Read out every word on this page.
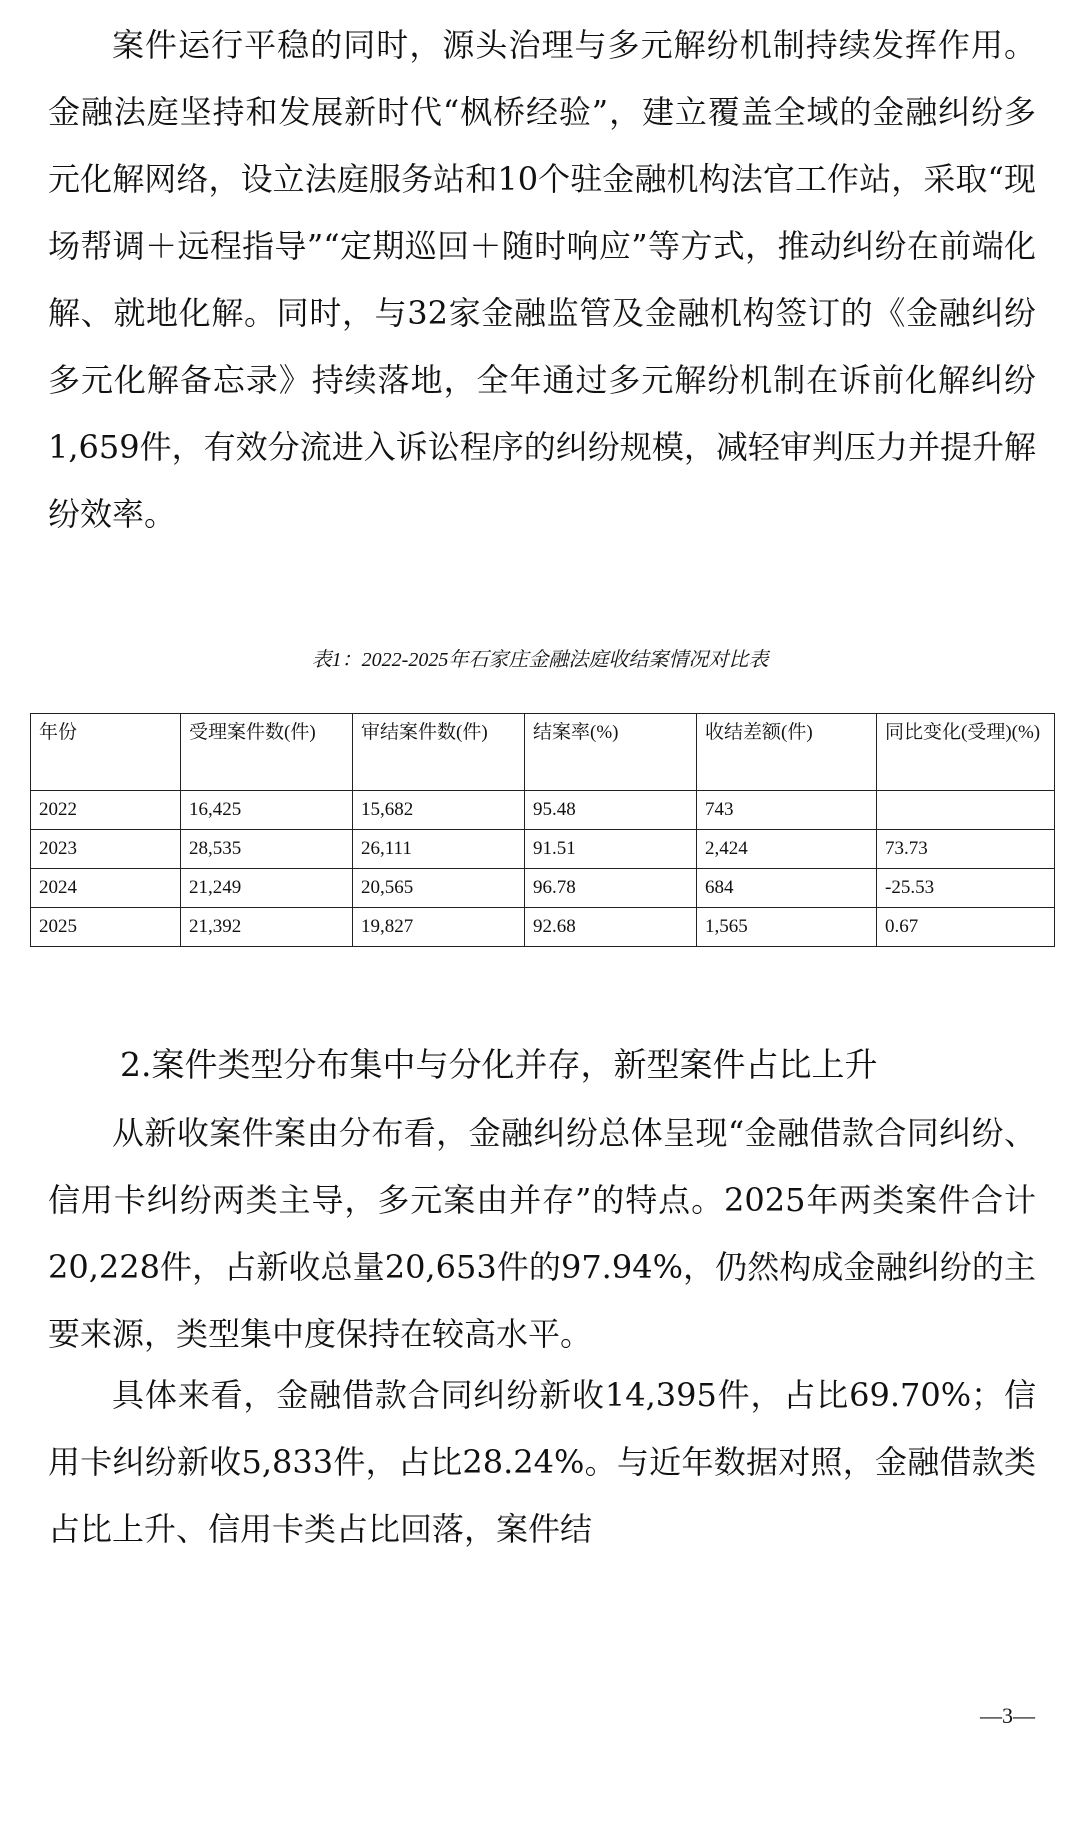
案件运行平稳的同时，源头治理与多元解纷机制持续发挥作用。金融法庭坚持和发展新时代“枫桥经验”，建立覆盖全域的金融纠纷多元化解网络，设立法庭服务站和10个驻金融机构法官工作站，采取“现场帮调＋远程指导”“定期巡回＋随时响应”等方式，推动纠纷在前端化解、就地化解。同时，与32家金融监管及金融机构签订的《金融纠纷多元化解备忘录》持续落地，全年通过多元解纷机制在诉前化解纠纷1,659件，有效分流进入诉讼程序的纠纷规模，减轻审判压力并提升解纷效率。

表1：2022-2025年石家庄金融法庭收结案情况对比表
年份	受理案件数(件)	审结案件数(件)	结案率(%)	收结差额(件)	同比变化(受理)(%)
2022	16,425	15,682	95.48	743	
2023	28,535	26,111	91.51	2,424	73.73
2024	21,249	20,565	96.78	684	-25.53
2025	21,392	19,827	92.68	1,565	0.67

2.案件类型分布集中与分化并存，新型案件占比上升

从新收案件案由分布看，金融纠纷总体呈现“金融借款合同纠纷、信用卡纠纷两类主导，多元案由并存”的特点。2025年两类案件合计20,228件，占新收总量20,653件的97.94%，仍然构成金融纠纷的主要来源，类型集中度保持在较高水平。

具体来看，金融借款合同纠纷新收14,395件，占比69.70%；信用卡纠纷新收5,833件，占比28.24%。与近年数据对照，金融借款类占比上升、信用卡类占比回落，案件结

—3—
